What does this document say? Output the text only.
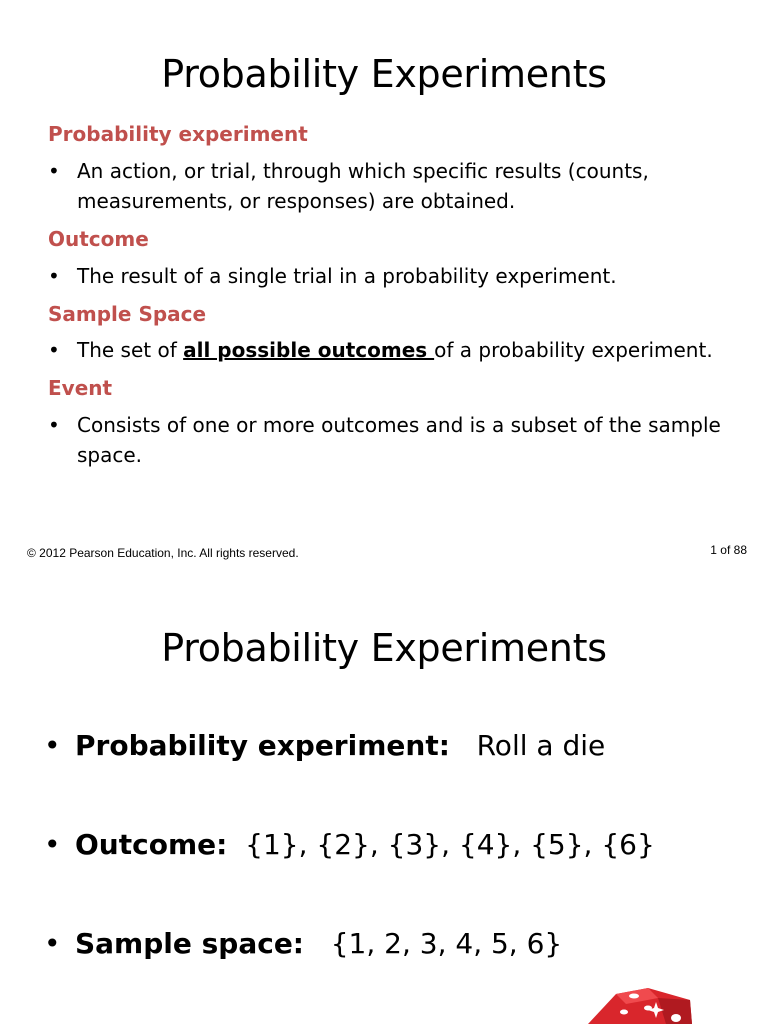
Probability Experiments

Probability experiment

• An action, or trial, through which specific results (counts, measurements, or responses) are obtained.

Outcome

• The result of a single trial in a probability experiment.

Sample Space

• The set of all possible outcomes of a probability experiment.

Event

• Consists of one or more outcomes and is a subset of the sample space.

© 2012 Pearson Education, Inc. All rights reserved.	1 of 88
Probability Experiments

• Probability experiment: Roll a die

• Outcome: {1}, {2}, {3}, {4}, {5}, {6}

• Sample space: {1, 2, 3, 4, 5, 6}
